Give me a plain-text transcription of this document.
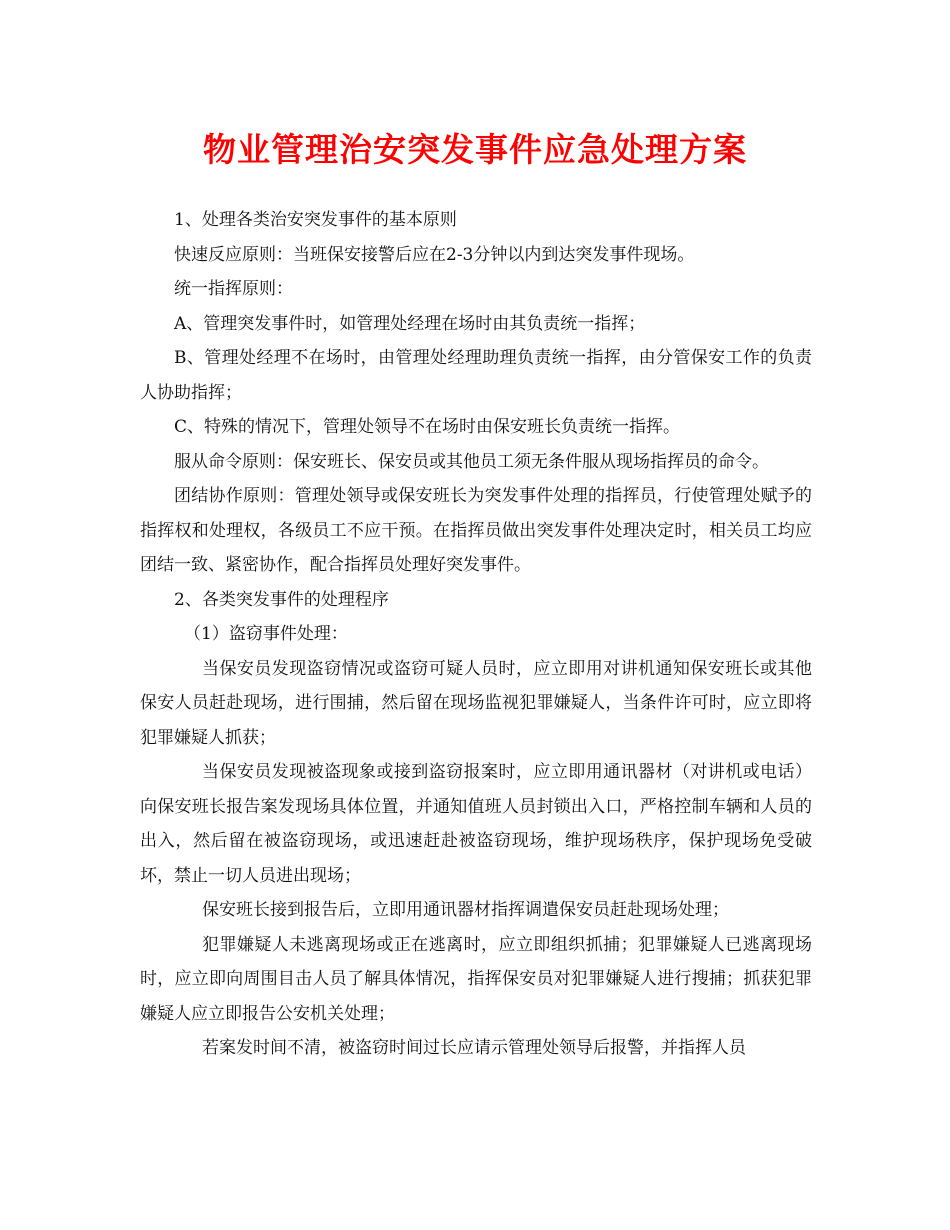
物业管理治安突发事件应急处理方案

1、处理各类治安突发事件的基本原则

快速反应原则：当班保安接警后应在2-3分钟以内到达突发事件现场。

统一指挥原则：

A、管理突发事件时，如管理处经理在场时由其负责统一指挥；

B、管理处经理不在场时，由管理处经理助理负责统一指挥，由分管保安工作的负责人协助指挥；

C、特殊的情况下，管理处领导不在场时由保安班长负责统一指挥。

服从命令原则：保安班长、保安员或其他员工须无条件服从现场指挥员的命令。

团结协作原则：管理处领导或保安班长为突发事件处理的指挥员，行使管理处赋予的指挥权和处理权，各级员工不应干预。在指挥员做出突发事件处理决定时，相关员工均应团结一致、紧密协作，配合指挥员处理好突发事件。

2、各类突发事件的处理程序

（1）盗窃事件处理：

当保安员发现盗窃情况或盗窃可疑人员时，应立即用对讲机通知保安班长或其他保安人员赶赴现场，进行围捕，然后留在现场监视犯罪嫌疑人，当条件许可时，应立即将犯罪嫌疑人抓获；

当保安员发现被盗现象或接到盗窃报案时，应立即用通讯器材（对讲机或电话）向保安班长报告案发现场具体位置，并通知值班人员封锁出入口，严格控制车辆和人员的出入，然后留在被盗窃现场，或迅速赶赴被盗窃现场，维护现场秩序，保护现场免受破坏，禁止一切人员进出现场；

保安班长接到报告后，立即用通讯器材指挥调遣保安员赶赴现场处理；

犯罪嫌疑人未逃离现场或正在逃离时，应立即组织抓捕；犯罪嫌疑人已逃离现场时，应立即向周围目击人员了解具体情况，指挥保安员对犯罪嫌疑人进行搜捕；抓获犯罪嫌疑人应立即报告公安机关处理；

若案发时间不清，被盗窃时间过长应请示管理处领导后报警，并指挥人员
